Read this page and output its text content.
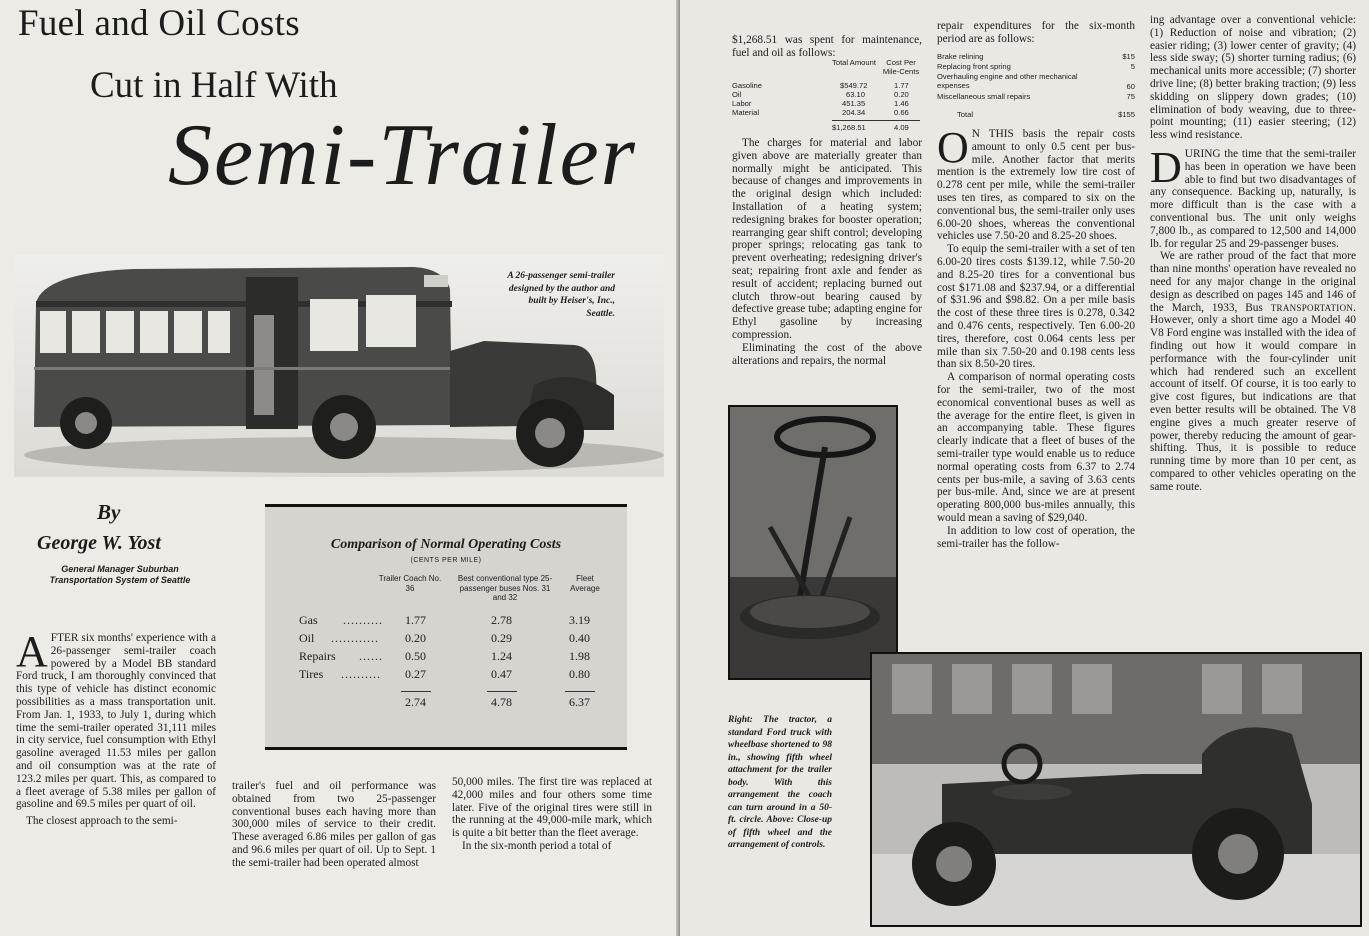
Fuel and Oil Costs
Cut in Half With
Semi-Trailer
A 26-passenger semi-trailer designed by the author and built by Heiser's, Inc., Seattle.
By
George W. Yost
General Manager Suburban Transportation System of Seattle
Comparison of Normal Operating Costs
(CENTS PER MILE)
Trailer Coach No. 36
Best conventional type 25-passenger buses Nos. 31 and 32
Fleet Average
Gas .......... 1.77	2.78	3.19
Oil ............ 0.20	0.29	0.40
Repairs ...... 0.50	1.24	1.98
Tires .......... 0.27	0.47	0.80
2.74	4.78	6.37
AFTER six months' experience with a 26-passenger semi-trailer coach powered by a Model BB standard Ford truck, I am thoroughly convinced that this type of vehicle has distinct economic possibilities as a mass transportation unit. From Jan. 1, 1933, to July 1, during which time the semi-trailer operated 31,111 miles in city service, fuel consumption with Ethyl gasoline averaged 11.53 miles per gallon and oil consumption was at the rate of 123.2 miles per quart. This, as compared to a fleet average of 5.38 miles per gallon of gasoline and 69.5 miles per quart of oil.

The closest approach to the semi-

trailer's fuel and oil performance was obtained from two 25-passenger conventional buses each having more than 300,000 miles of service to their credit. These averaged 6.86 miles per gallon of gas and 96.6 miles per quart of oil. Up to Sept. 1 the semi-trailer had been operated almost

50,000 miles. The first tire was replaced at 42,000 miles and four others some time later. Five of the original tires were still in the running at the 49,000-mile mark, which is quite a bit better than the fleet average.

In the six-month period a total of

$1,268.51 was spent for maintenance, fuel and oil as follows:

Total Amount	Cost Per Mile-Cents
Gasoline	$549.72	1.77
Oil	63.10	0.20
Labor	451.35	1.46
Material	204.34	0.66
$1,268.51	4.09

The charges for material and labor given above are materially greater than normally might be anticipated. This because of changes and improvements in the original design which included: Installation of a heating system; redesigning brakes for booster operation; rearranging gear shift control; developing proper springs; relocating gas tank to prevent overheating; redesigning driver's seat; repairing front axle and fender as result of accident; replacing burned out clutch throw-out bearing caused by defective grease tube; adapting engine for Ethyl gasoline by increasing compression.

Eliminating the cost of the above alterations and repairs, the normal

repair expenditures for the six-month period are as follows:

Brake relining	$15
Replacing front spring	5
Overhauling engine and other mechanical expenses	60
Miscellaneous small repairs	75
Total	$155
O N THIS basis the repair costs amount to only 0.5 cent per bus-mile. Another factor that merits mention is the extremely low tire cost of 0.278 cent per mile, while the semi-trailer uses ten tires, as compared to six on the conventional bus, the semi-trailer only uses 6.00-20 shoes, whereas the conventional vehicles use 7.50-20 and 8.25-20 shoes.

To equip the semi-trailer with a set of ten 6.00-20 tires costs $139.12, while 7.50-20 and 8.25-20 tires for a conventional bus cost $171.08 and $237.94, or a differential of $31.96 and $98.82. On a per mile basis the cost of these three tires is 0.278, 0.342 and 0.476 cents, respectively. Ten 6.00-20 tires, therefore, cost 0.064 cents less per mile than six 7.50-20 and 0.198 cents less than six 8.50-20 tires.

A comparison of normal operating costs for the semi-trailer, two of the most economical conventional buses as well as the average for the entire fleet, is given in an accompanying table. These figures clearly indicate that a fleet of buses of the semi-trailer type would enable us to reduce normal operating costs from 6.37 to 2.74 cents per bus-mile, a saving of 3.63 cents per bus-mile. And, since we are at present operating 800,000 bus-miles annually, this would mean a saving of $29,040.

In addition to low cost of operation, the semi-trailer has the follow-

ing advantage over a conventional vehicle: (1) Reduction of noise and vibration; (2) easier riding; (3) lower center of gravity; (4) less side sway; (5) shorter turning radius; (6) mechanical units more accessible; (7) shorter drive line; (8) better braking traction; (9) less skidding on slippery down grades; (10) elimination of body weaving, due to three-point mounting; (11) easier steering; (12) less wind resistance.

DURING the time that the semi-trailer has been in operation we have been able to find but two disadvantages of any consequence. Backing up, naturally, is more difficult than is the case with a conventional bus. The unit only weighs 7,800 lb., as compared to 12,500 and 14,000 lb. for regular 25 and 29-passenger buses.

We are rather proud of the fact that more than nine months' operation have revealed no need for any major change in the original design as described on pages 145 and 146 of the March, 1933, Bus TRANSPORTATION. However, only a short time ago a Model 40 V8 Ford engine was installed with the idea of finding out how it would compare in performance with the four-cylinder unit which had rendered such an excellent account of itself. Of course, it is too early to give cost figures, but indications are that even better results will be obtained. The V8 engine gives a much greater reserve of power, thereby reducing the amount of gear-shifting. Thus, it is possible to reduce running time by more than 10 per cent, as compared to other vehicles operating on the same route.

Right: The tractor, a standard Ford truck with wheelbase shortened to 98 in., showing fifth wheel attachment for the trailer body. With this arrangement the coach can turn around in a 50-ft. circle. Above: Close-up of fifth wheel and the arrangement of controls.
